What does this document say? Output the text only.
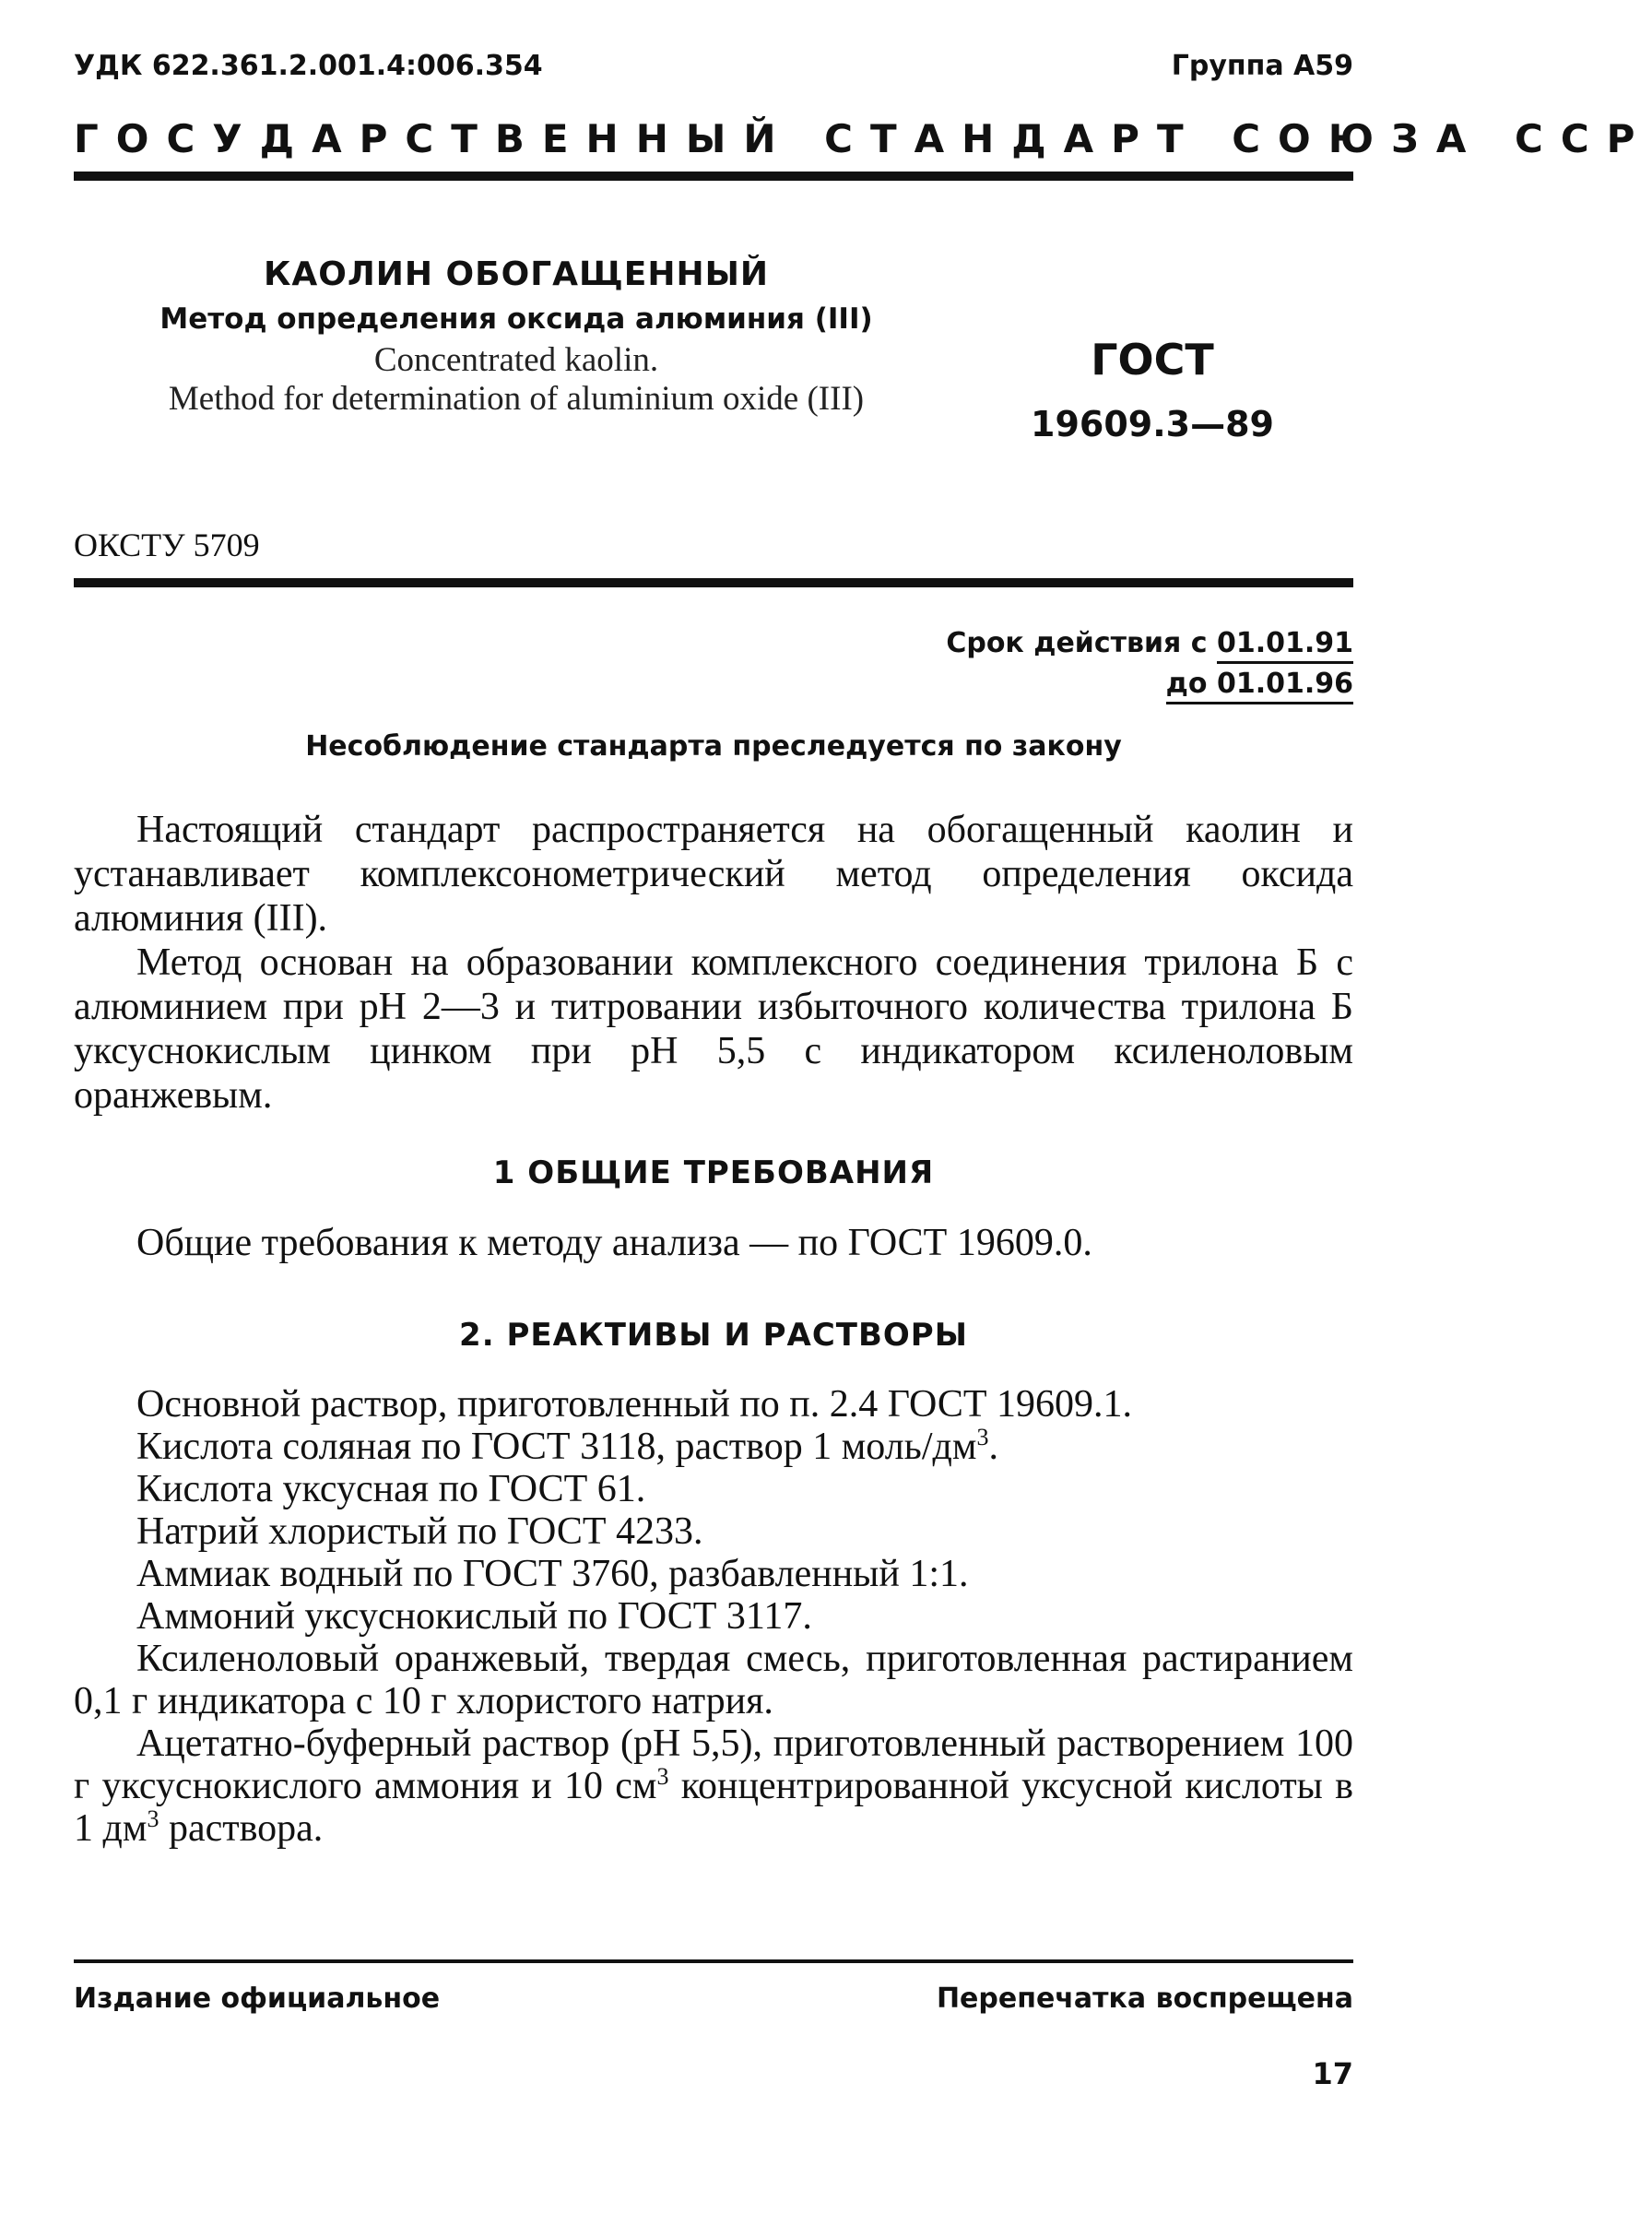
УДК 622.361.2.001.4:006.354	Группа А59
ГОСУДАРСТВЕННЫЙ СТАНДАРТ СОЮЗА ССР
КАОЛИН ОБОГАЩЕННЫЙ
Метод определения оксида алюминия (III)
Concentrated kaolin.
Method for determination of aluminium oxide (III)
ГОСТ
19609.3—89
ОКСТУ 5709
Срок действия с 01.01.91
до 01.01.96
Несоблюдение стандарта преследуется по закону
Настоящий стандарт распространяется на обогащенный каолин и устанавливает комплексонометрический метод определения оксида алюминия (III).
Метод основан на образовании комплексного соединения трилона Б с алюминием при pH 2—3 и титровании избыточного количества трилона Б уксуснокислым цинком при pH 5,5 с индикатором ксиленоловым оранжевым.
1 ОБЩИЕ ТРЕБОВАНИЯ
Общие требования к методу анализа — по ГОСТ 19609.0.
2. РЕАКТИВЫ И РАСТВОРЫ
Основной раствор, приготовленный по п. 2.4 ГОСТ 19609.1.
Кислота соляная по ГОСТ 3118, раствор 1 моль/$дм^3$.
Кислота уксусная по ГОСТ 61.
Натрий хлористый по ГОСТ 4233.
Аммиак водный по ГОСТ 3760, разбавленный 1:1.
Аммоний уксуснокислый по ГОСТ 3117.
Ксиленоловый оранжевый, твердая смесь, приготовленная растиранием 0,1 г индикатора с 10 г хлористого натрия.
Ацетатно-буферный раствор (pH 5,5), приготовленный растворением 100 г уксуснокислого аммония и 10 $см^3$ концентрированной уксусной кислоты в 1 $дм^3$ раствора.
Издание официальное	Перепечатка воспрещена
17
